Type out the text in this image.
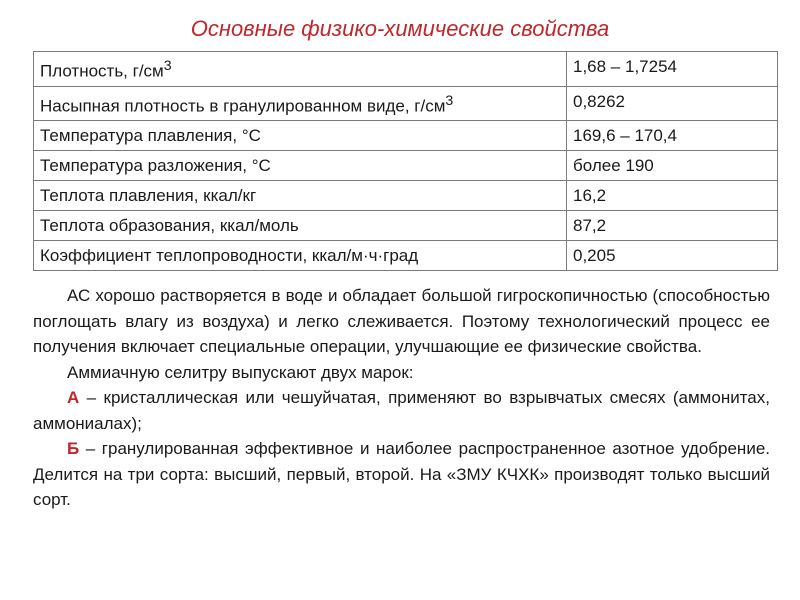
Основные физико-химические свойства
Плотность, $г/см^3$	1,68 – 1,7254
Насыпная плотность в гранулированном виде, $г/см^3$	0,8262
Температура плавления, °С	169,6 – 170,4
Температура разложения, °С	более 190
Теплота плавления, ккал/кг	16,2
Теплота образования, ккал/моль	87,2
Коэффициент теплопроводности, ккал/м·ч·град	0,205

АС хорошо растворяется в воде и обладает большой гигроскопичностью (способностью поглощать влагу из воздуха) и легко слеживается. Поэтому технологический процесс ее получения включает специальные операции, улучшающие ее физические свойства.

Аммиачную селитру выпускают двух марок:

А – кристаллическая или чешуйчатая, применяют во взрывчатых смесях (аммонитах, аммониалах);

Б – гранулированная эффективное и наиболее распространенное азотное удобрение. Делится на три сорта: высший, первый, второй. На «ЗМУ КЧХК» производят только высший сорт.
